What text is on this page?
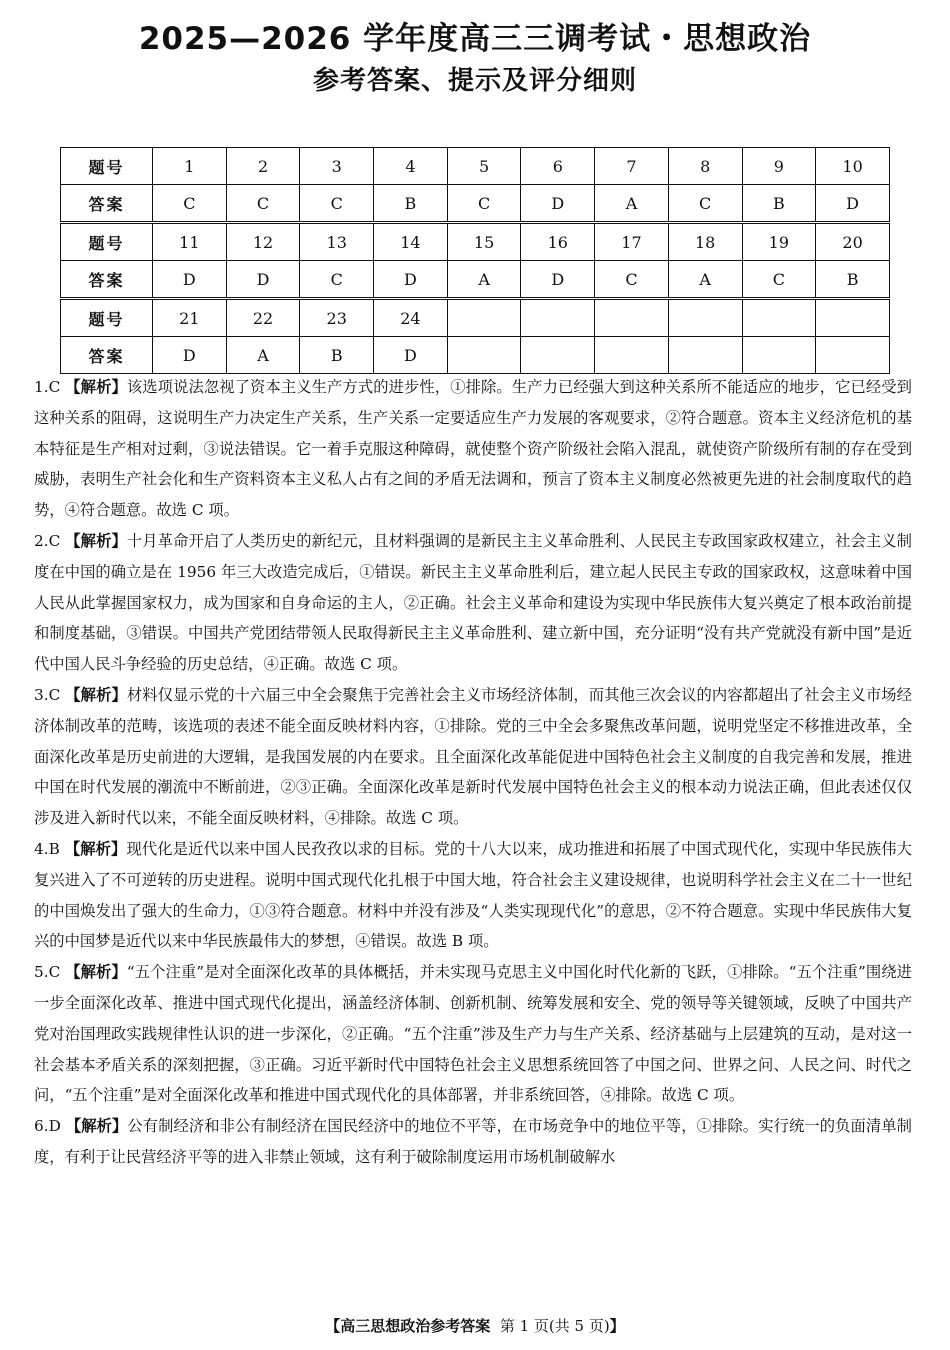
2025—2026 学年度高三三调考试・思想政治
参考答案、提示及评分细则
题号	1	2	3	4	5	6	7	8	9	10
答案	C	C	C	B	C	D	A	C	B	D
题号	11	12	13	14	15	16	17	18	19	20
答案	D	D	C	D	A	D	C	A	C	B
题号	21	22	23	24						
答案	D	A	B	D						

1.C 【解析】该选项说法忽视了资本主义生产方式的进步性，①排除。生产力已经强大到这种关系所不能适应的地步，它已经受到这种关系的阻碍，这说明生产力决定生产关系，生产关系一定要适应生产力发展的客观要求，②符合题意。资本主义经济危机的基本特征是生产相对过剩，③说法错误。它一着手克服这种障碍，就使整个资产阶级社会陷入混乱，就使资产阶级所有制的存在受到威胁，表明生产社会化和生产资料资本主义私人占有之间的矛盾无法调和，预言了资本主义制度必然被更先进的社会制度取代的趋势，④符合题意。故选 C 项。

2.C 【解析】十月革命开启了人类历史的新纪元，且材料强调的是新民主主义革命胜利、人民民主专政国家政权建立，社会主义制度在中国的确立是在 1956 年三大改造完成后，①错误。新民主主义革命胜利后，建立起人民民主专政的国家政权，这意味着中国人民从此掌握国家权力，成为国家和自身命运的主人，②正确。社会主义革命和建设为实现中华民族伟大复兴奠定了根本政治前提和制度基础，③错误。中国共产党团结带领人民取得新民主主义革命胜利、建立新中国，充分证明“没有共产党就没有新中国”是近代中国人民斗争经验的历史总结，④正确。故选 C 项。

3.C 【解析】材料仅显示党的十六届三中全会聚焦于完善社会主义市场经济体制，而其他三次会议的内容都超出了社会主义市场经济体制改革的范畴，该选项的表述不能全面反映材料内容，①排除。党的三中全会多聚焦改革问题，说明党坚定不移推进改革，全面深化改革是历史前进的大逻辑，是我国发展的内在要求。且全面深化改革能促进中国特色社会主义制度的自我完善和发展，推进中国在时代发展的潮流中不断前进，②③正确。全面深化改革是新时代发展中国特色社会主义的根本动力说法正确，但此表述仅仅涉及进入新时代以来，不能全面反映材料，④排除。故选 C 项。

4.B 【解析】现代化是近代以来中国人民孜孜以求的目标。党的十八大以来，成功推进和拓展了中国式现代化，实现中华民族伟大复兴进入了不可逆转的历史进程。说明中国式现代化扎根于中国大地，符合社会主义建设规律，也说明科学社会主义在二十一世纪的中国焕发出了强大的生命力，①③符合题意。材料中并没有涉及“人类实现现代化”的意思，②不符合题意。实现中华民族伟大复兴的中国梦是近代以来中华民族最伟大的梦想，④错误。故选 B 项。

5.C 【解析】“五个注重”是对全面深化改革的具体概括，并未实现马克思主义中国化时代化新的飞跃，①排除。“五个注重”围绕进一步全面深化改革、推进中国式现代化提出，涵盖经济体制、创新机制、统筹发展和安全、党的领导等关键领域，反映了中国共产党对治国理政实践规律性认识的进一步深化，②正确。“五个注重”涉及生产力与生产关系、经济基础与上层建筑的互动，是对这一社会基本矛盾关系的深刻把握，③正确。习近平新时代中国特色社会主义思想系统回答了中国之问、世界之问、人民之问、时代之问，“五个注重”是对全面深化改革和推进中国式现代化的具体部署，并非系统回答，④排除。故选 C 项。

6.D 【解析】公有制经济和非公有制经济在国民经济中的地位不平等，在市场竞争中的地位平等，①排除。实行统一的负面清单制度，有利于让民营经济平等的进入非禁止领域，这有利于破除制度运用市场机制破解水

【高三思想政治参考答案 第 1 页(共 5 页)】
